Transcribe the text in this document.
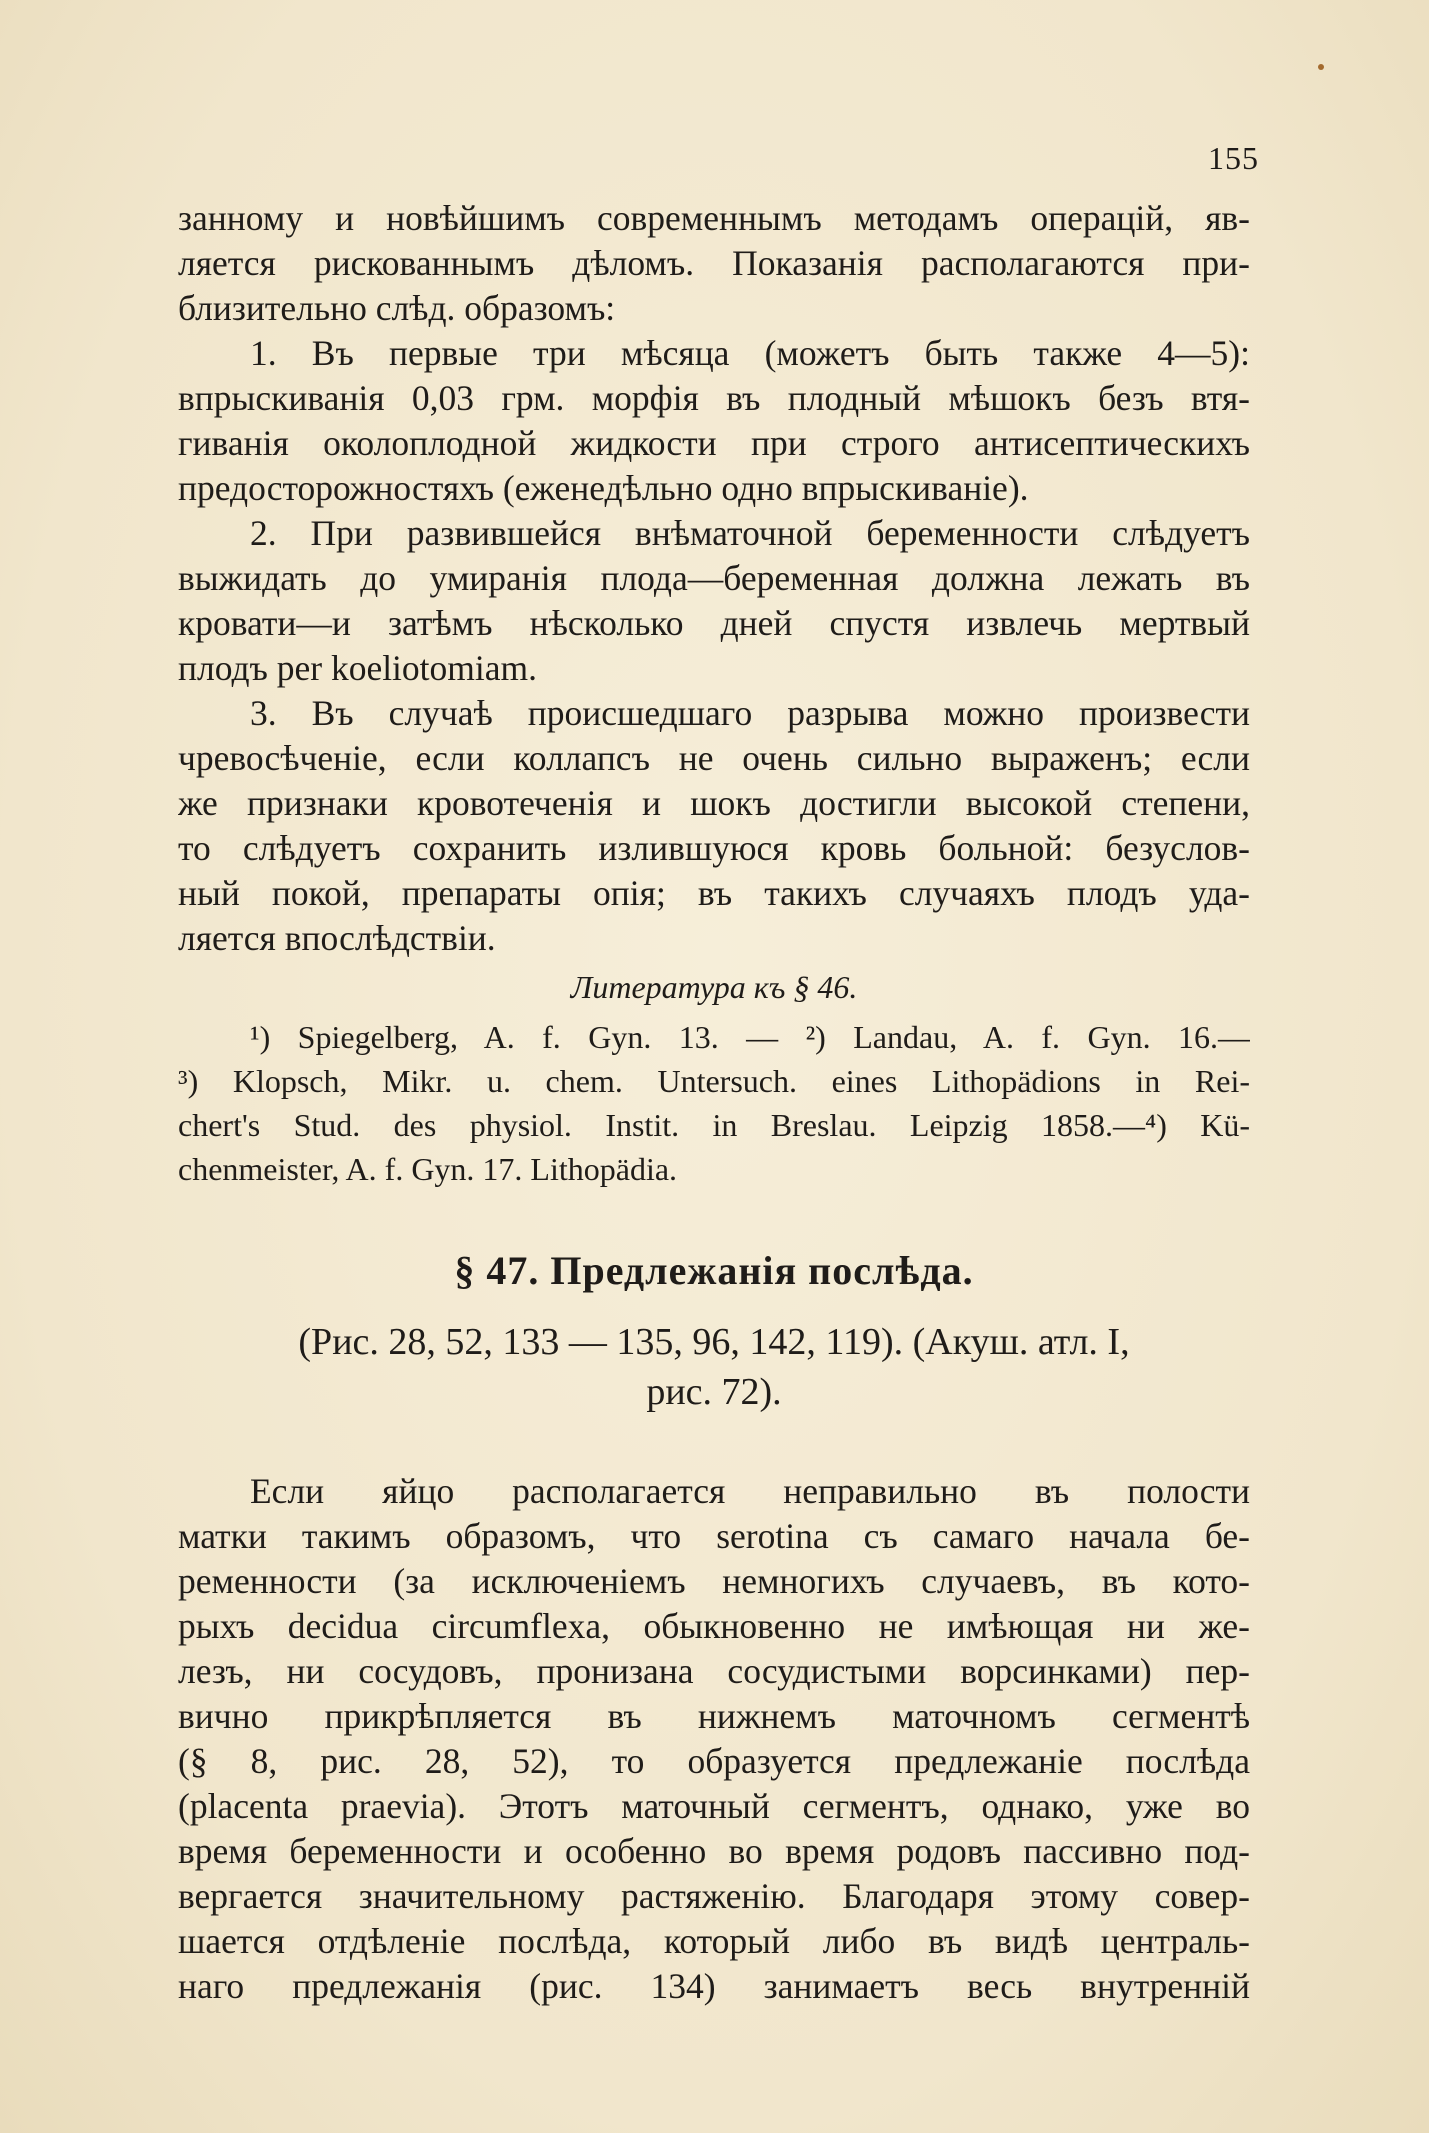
155

занному и новѣйшимъ современнымъ методамъ операцій, яв-

ляется рискованнымъ дѣломъ. Показанія располагаются при-

близительно слѣд. образомъ:

1. Въ первые три мѣсяца (можетъ быть также 4—5):

впрыскиванія 0,03 грм. морфія въ плодный мѣшокъ безъ втя-

гиванія околоплодной жидкости при строго антисептическихъ

предосторожностяхъ (еженедѣльно одно впрыскиваніе).

2. При развившейся внѣматочной беременности слѣдуетъ

выжидать до умиранія плода—беременная должна лежать въ

кровати—и затѣмъ нѣсколько дней спустя извлечь мертвый

плодъ per koeliotomiam.

3. Въ случаѣ происшедшаго разрыва можно произвести

чревосѣченіе, если коллапсъ не очень сильно выраженъ; если

же признаки кровотеченія и шокъ достигли высокой степени,

то слѣдуетъ сохранить излившуюся кровь больной: безуслов-

ный покой, препараты опія; въ такихъ случаяхъ плодъ уда-

ляется впослѣдствіи.

Литература къ § 46.

¹) Spiegelberg, A. f. Gyn. 13. — ²) Landau, A. f. Gyn. 16.—

³) Klopsch, Mikr. u. chem. Untersuch. eines Lithopädions in Rei-

chert's Stud. des physiol. Instit. in Breslau. Leipzig 1858.—⁴) Kü-

chenmeister, A. f. Gyn. 17. Lithopädia.

§ 47. Предлежанія послѣда.
(Рис. 28, 52, 133 — 135, 96, 142, 119). (Акуш. атл. I,
рис. 72).

Если яйцо располагается неправильно въ полости

матки такимъ образомъ, что serotina съ самаго начала бе-

ременности (за исключеніемъ немногихъ случаевъ, въ кото-

рыхъ decidua circumflexa, обыкновенно не имѣющая ни же-

лезъ, ни сосудовъ, пронизана сосудистыми ворсинками) пер-

вично прикрѣпляется въ нижнемъ маточномъ сегментѣ

(§ 8, рис. 28, 52), то образуется предлежаніе послѣда

(placenta praevia). Этотъ маточный сегментъ, однако, уже во

время беременности и особенно во время родовъ пассивно под-

вергается значительному растяженію. Благодаря этому совер-

шается отдѣленіе послѣда, который либо въ видѣ централь-

наго предлежанія (рис. 134) занимаетъ весь внутренній
